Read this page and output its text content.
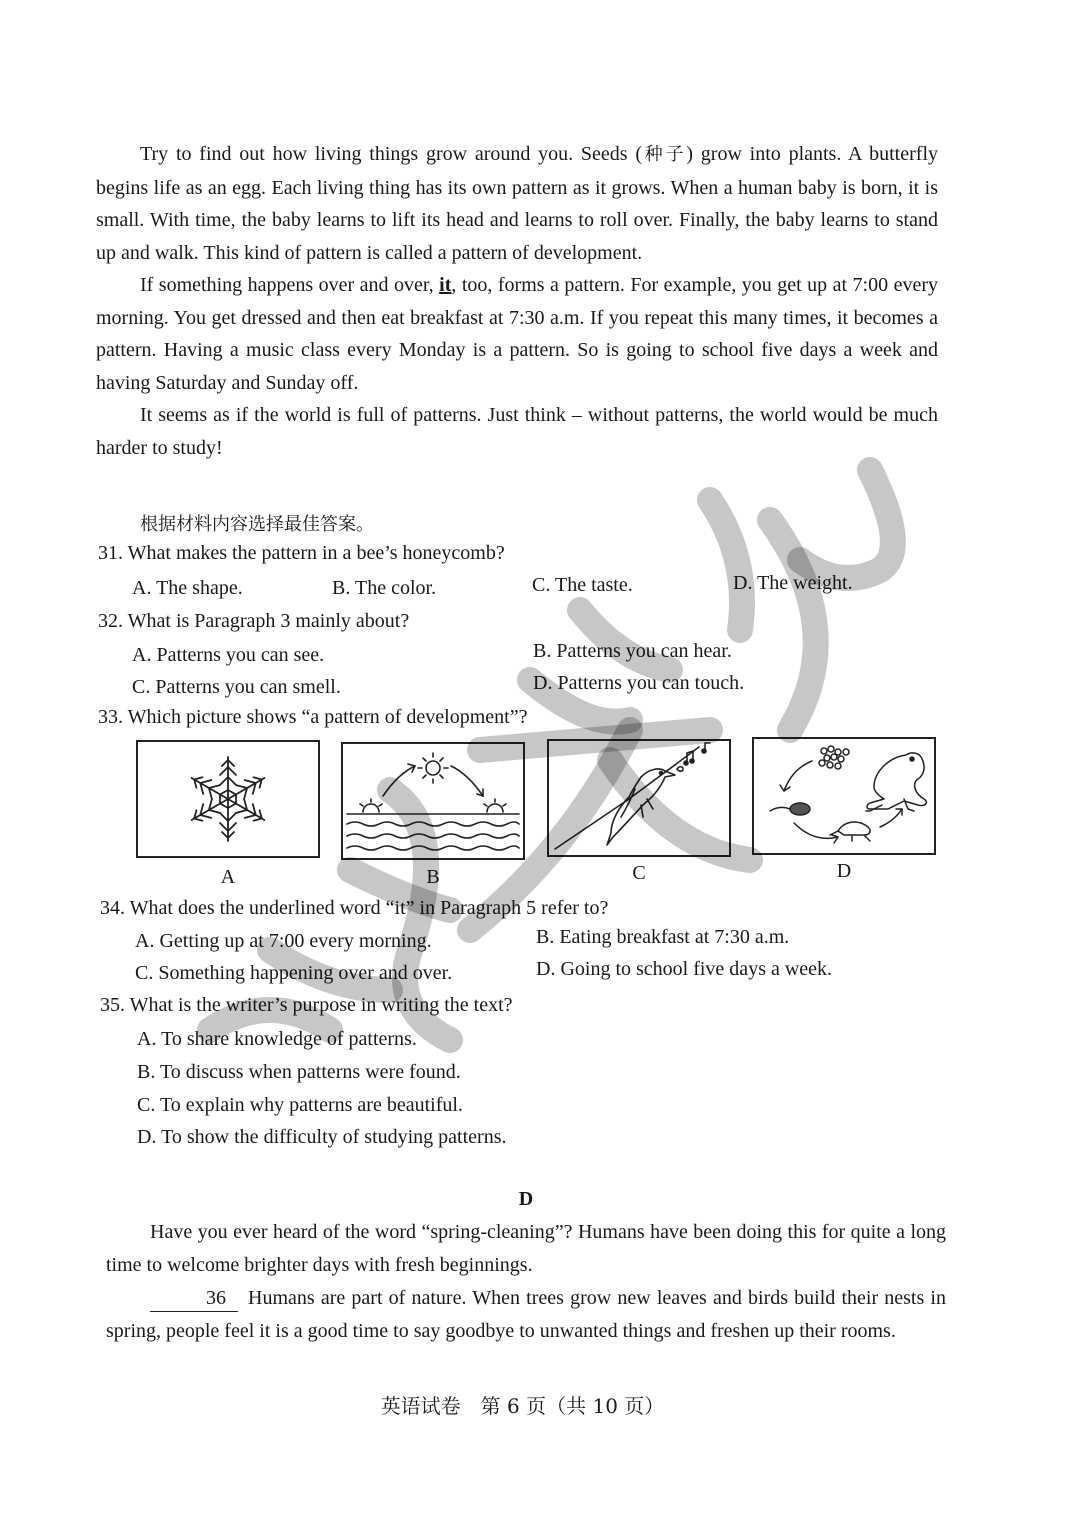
Try to find out how living things grow around you. Seeds (种子) grow into plants. A butterfly begins life as an egg. Each living thing has its own pattern as it grows. When a human baby is born, it is small. With time, the baby learns to lift its head and learns to roll over. Finally, the baby learns to stand up and walk. This kind of pattern is called a pattern of development.

If something happens over and over, it, too, forms a pattern. For example, you get up at 7:00 every morning. You get dressed and then eat breakfast at 7:30 a.m. If you repeat this many times, it becomes a pattern. Having a music class every Monday is a pattern. So is going to school five days a week and having Saturday and Sunday off.

It seems as if the world is full of patterns. Just think – without patterns, the world would be much harder to study!

根据材料内容选择最佳答案。
31. What makes the pattern in a bee’s honeycomb?
A. The shape.	B. The color.	C. The taste.	D. The weight.
32. What is Paragraph 3 mainly about?
A. Patterns you can see.	B. Patterns you can hear.
C. Patterns you can smell.	D. Patterns you can touch.
33. Which picture shows “a pattern of development”?
A	B	C	D
34. What does the underlined word “it” in Paragraph 5 refer to?
A. Getting up at 7:00 every morning.	B. Eating breakfast at 7:30 a.m.
C. Something happening over and over.	D. Going to school five days a week.
35. What is the writer’s purpose in writing the text?
A. To share knowledge of patterns.
B. To discuss when patterns were found.
C. To explain why patterns are beautiful.
D. To show the difficulty of studying patterns.
D

Have you ever heard of the word “spring-cleaning”? Humans have been doing this for quite a long time to welcome brighter days with fresh beginnings.

36 Humans are part of nature. When trees grow new leaves and birds build their nests in spring, people feel it is a good time to say goodbye to unwanted things and freshen up their rooms.

英语试卷　第 6 页（共 10 页）
